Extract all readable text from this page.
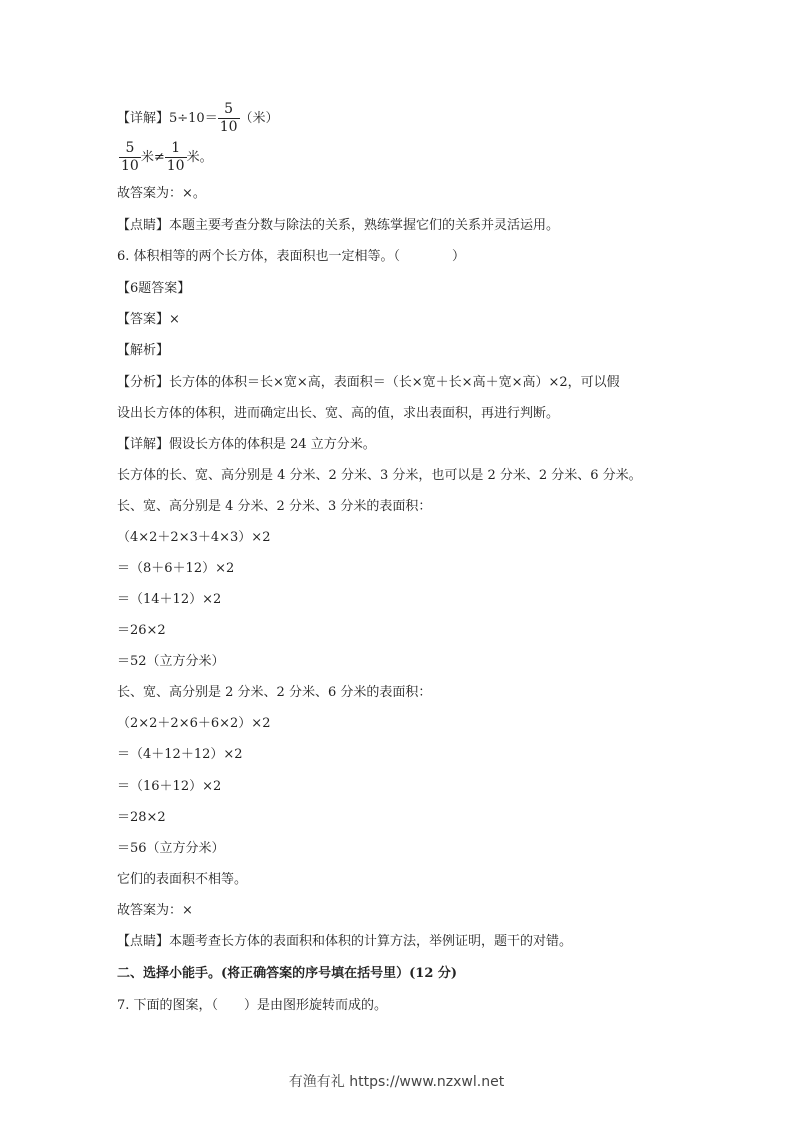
【详解】$5\div 10= \frac{5}{10}$ （米）
$\frac{5}{10}$ 米≠ $\frac{1}{10}$ 米。
故答案为：×。
【点睛】本题主要考查分数与除法的关系，熟练掌握它们的关系并灵活运用。
6. 体积相等的两个长方体，表面积也一定相等。（　　　　）
【6题答案】
【答案】×
【解析】
【分析】长方体的体积＝长×宽×高，表面积＝（长×宽＋长×高＋宽×高）×2，可以假
设出长方体的体积，进而确定出长、宽、高的值，求出表面积，再进行判断。
【详解】假设长方体的体积是 24 立方分米。
长方体的长、宽、高分别是 4 分米、2 分米、3 分米，也可以是 2 分米、2 分米、6 分米。
长、宽、高分别是 4 分米、2 分米、3 分米的表面积：
（4×2＋2×3＋4×3）×2
＝（8＋6＋12）×2
＝（14＋12）×2
＝26×2
＝52（立方分米）
长、宽、高分别是 2 分米、2 分米、6 分米的表面积：
（2×2＋2×6＋6×2）×2
＝（4＋12＋12）×2
＝（16＋12）×2
＝28×2
＝56（立方分米）
它们的表面积不相等。
故答案为：×
【点睛】本题考查长方体的表面积和体积的计算方法，举例证明，题干的对错。
二、选择小能手。(将正确答案的序号填在括号里）(12 分)
7. 下面的图案，（　　）是由图形旋转而成的。
有渔有礼 https://www.nzxwl.net
